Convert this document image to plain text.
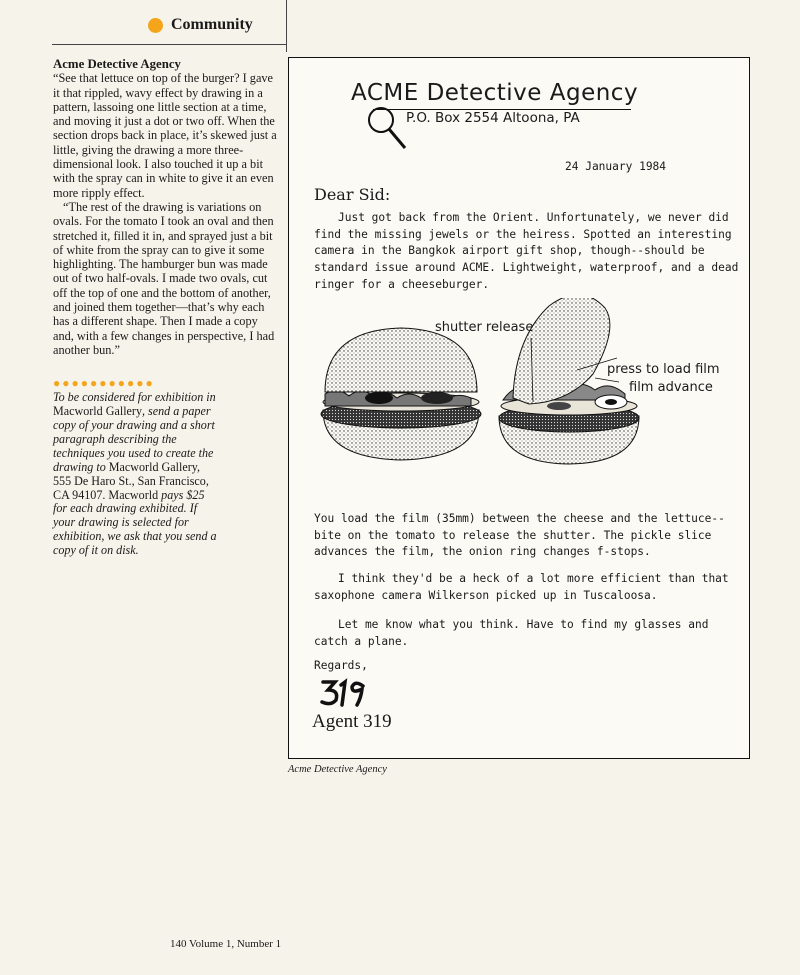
Community
Acme Detective Agency

“See that lettuce on top of the burger? I gave it that rippled, wavy effect by drawing in a pattern, lassoing one little section at a time, and moving it just a dot or two off. When the section drops back in place, it’s skewed just a little, giving the drawing a more three-dimensional look. I also touched it up a bit with the spray can in white to give it an even more ripply effect.

“The rest of the drawing is variations on ovals. For the tomato I took an oval and then stretched it, filled it in, and sprayed just a bit of white from the spray can to give it some highlighting. The hamburger bun was made out of two half-ovals. I made two ovals, cut off the top of one and the bottom of another, and joined them together—that’s why each has a different shape. Then I made a copy and, with a few changes in perspective, I had another bun.”

●●●●●●●●●●●
To be considered for exhibition in Macworld Gallery, send a paper copy of your drawing and a short paragraph describing the techniques you used to create the drawing to Macworld Gallery, 555 De Haro St., San Francisco, CA 94107. Macworld pays $25 for each drawing exhibited. If your drawing is selected for exhibition, we ask that you send a copy of it on disk.
ACME Detective Agency
P.O. Box 2554 Altoona, PA
24 January 1984
Dear Sid:

Just got back from the Orient. Unfortunately, we never did find the missing jewels or the heiress. Spotted an interesting camera in the Bangkok airport gift shop, though--should be standard issue around ACME. Lightweight, waterproof, and a dead ringer for a cheeseburger.

shutter release
press to load film
film advance

You load the film (35mm) between the cheese and the lettuce--bite on the tomato to release the shutter. The pickle slice advances the film, the onion ring changes f-stops.

I think they'd be a heck of a lot more efficient than that saxophone camera Wilkerson picked up in Tuscaloosa.

Let me know what you think. Have to find my glasses and catch a plane.

Regards,
Agent 319
Acme Detective Agency
140 Volume 1, Number 1
